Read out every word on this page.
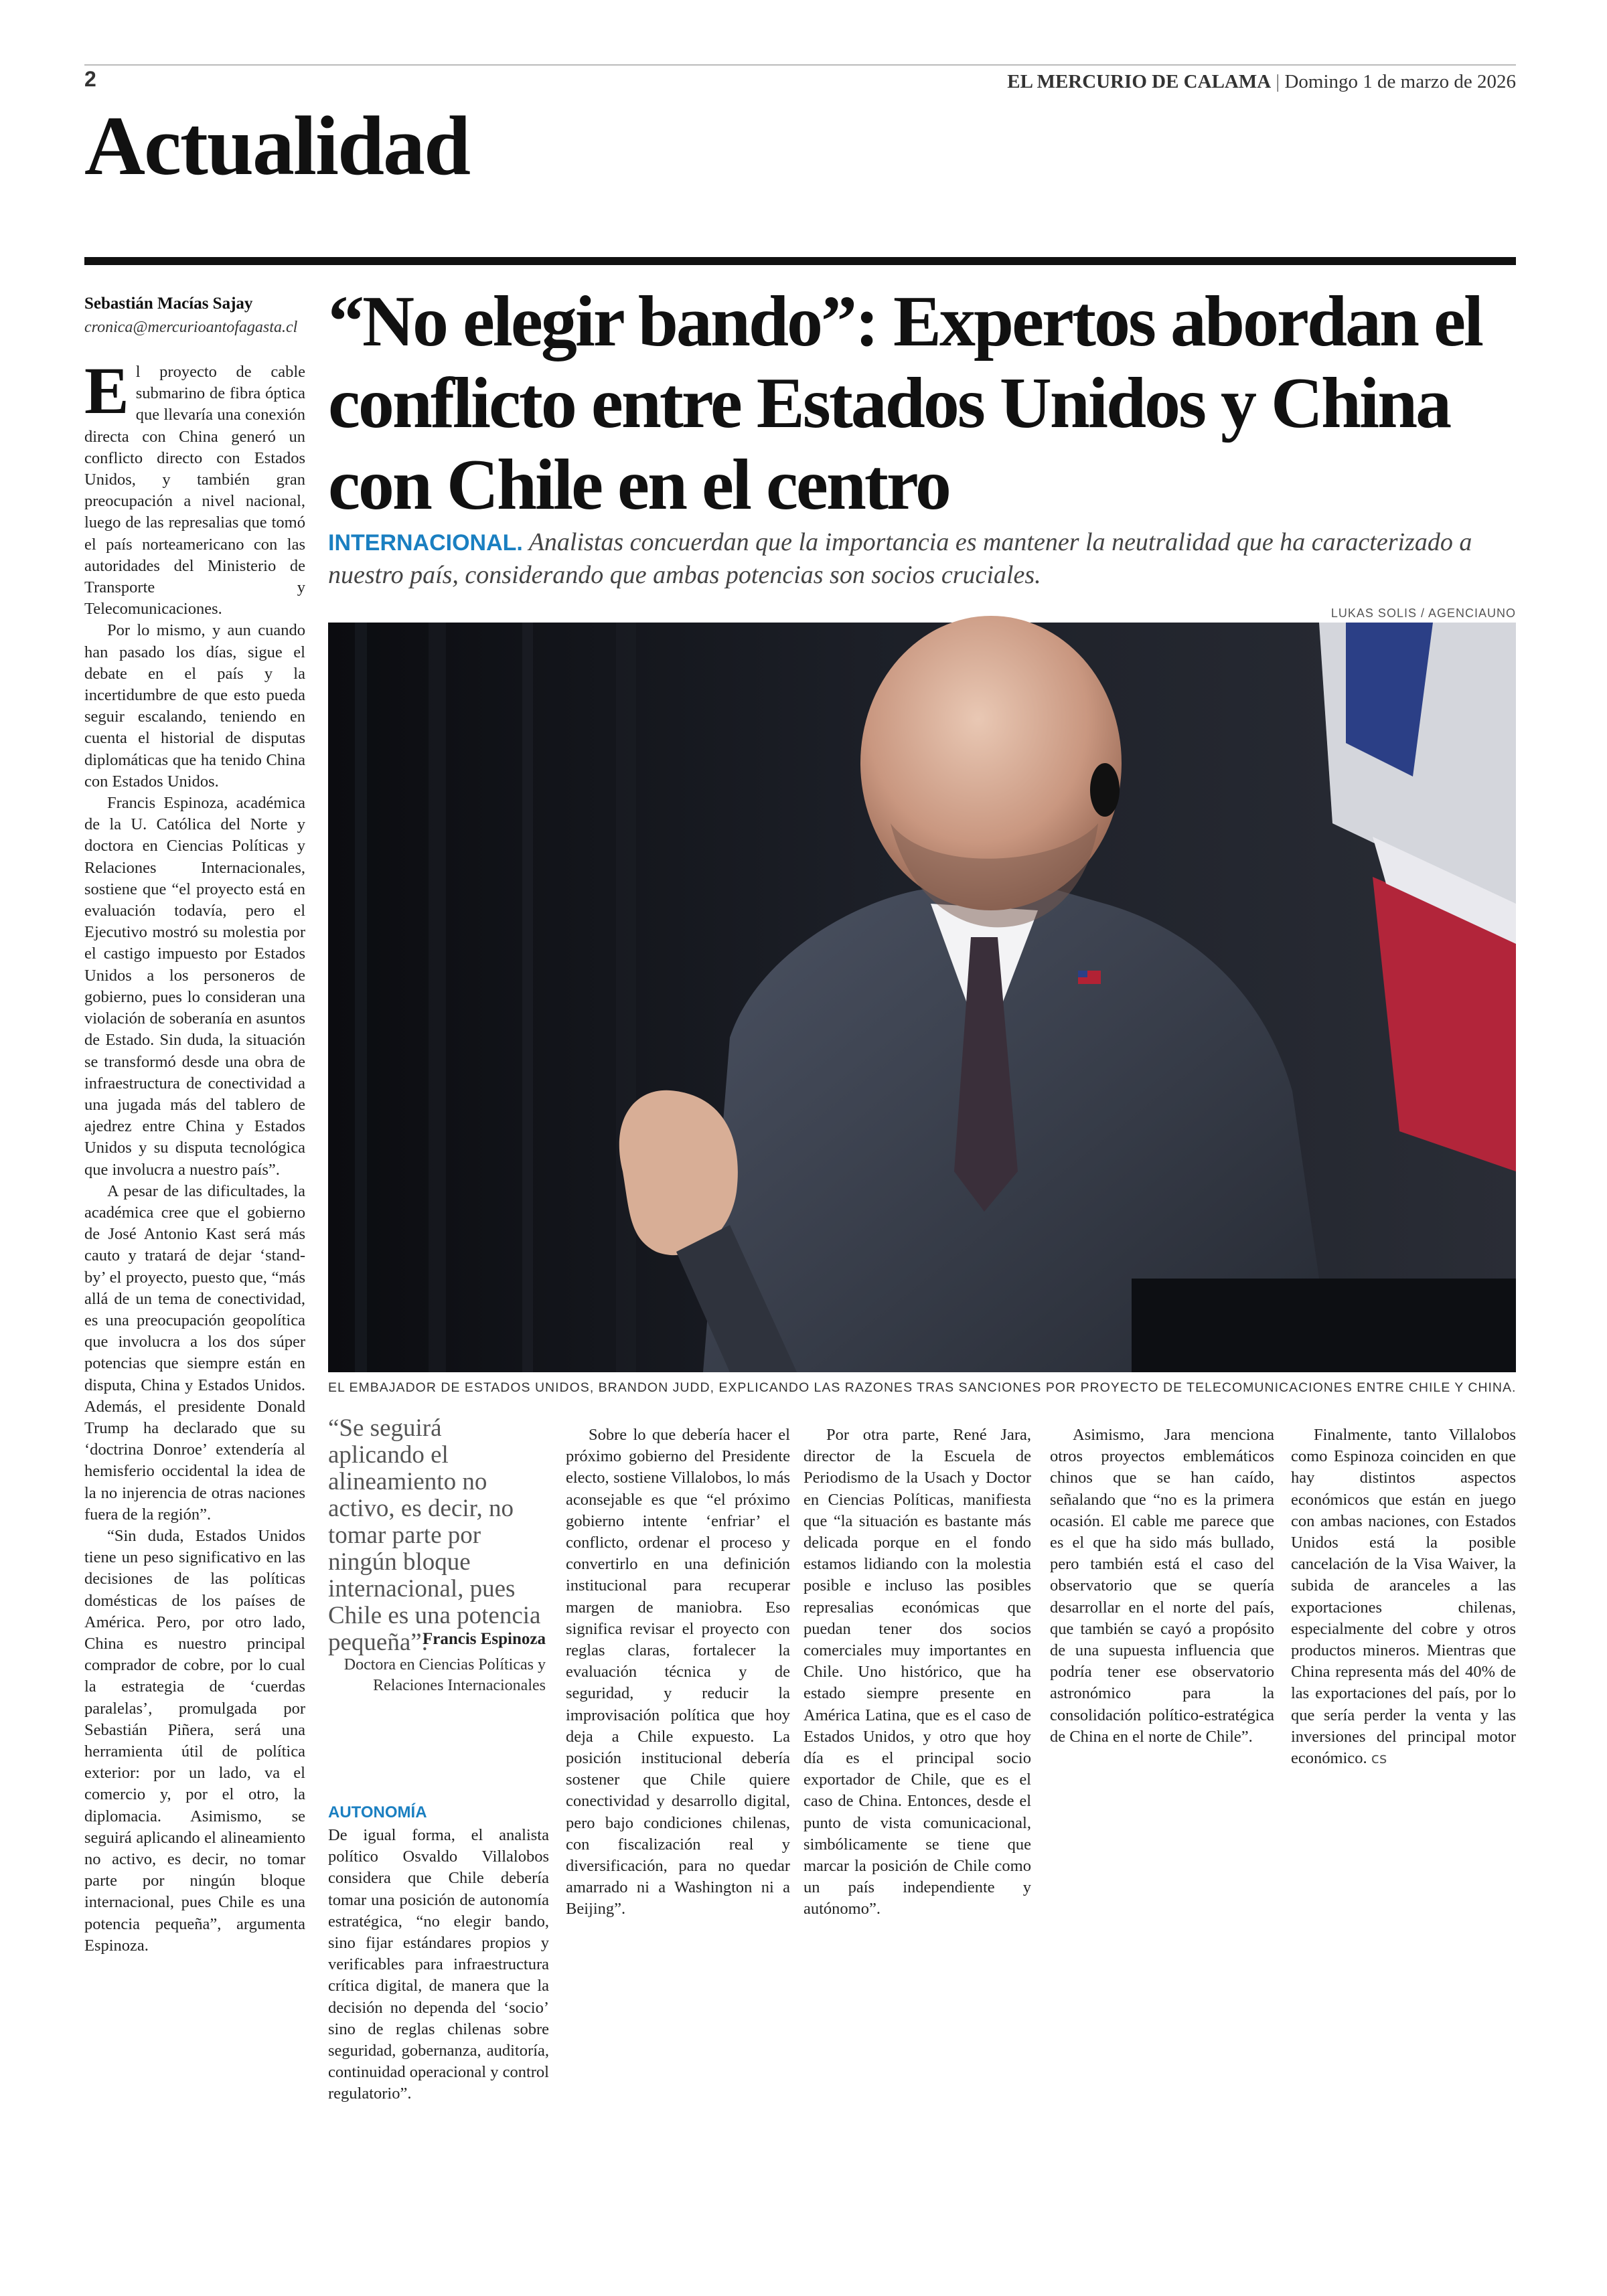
2	EL MERCURIO DE CALAMA | Domingo 1 de marzo de 2026
Actualidad
Sebastián Macías Sajay
cronica@mercurioantofagasta.cl

El proyecto de cable submarino de fibra óptica que llevaría una conexión directa con China generó un conflicto directo con Estados Unidos, y también gran preocupación a nivel nacional, luego de las represalias que tomó el país norteamericano con las autoridades del Ministerio de Transporte y Telecomunicaciones.

Por lo mismo, y aun cuando han pasado los días, sigue el debate en el país y la incertidumbre de que esto pueda seguir escalando, teniendo en cuenta el historial de disputas diplomáticas que ha tenido China con Estados Unidos.

Francis Espinoza, académica de la U. Católica del Norte y doctora en Ciencias Políticas y Relaciones Internacionales, sostiene que “el proyecto está en evaluación todavía, pero el Ejecutivo mostró su molestia por el castigo impuesto por Estados Unidos a los personeros de gobierno, pues lo consideran una violación de soberanía en asuntos de Estado. Sin duda, la situación se transformó desde una obra de infraestructura de conectividad a una jugada más del tablero de ajedrez entre China y Estados Unidos y su disputa tecnológica que involucra a nuestro país”.

A pesar de las dificultades, la académica cree que el gobierno de José Antonio Kast será más cauto y tratará de dejar ‘stand-by’ el proyecto, puesto que, “más allá de un tema de conectividad, es una preocupación geopolítica que involucra a los dos súper potencias que siempre están en disputa, China y Estados Unidos. Además, el presidente Donald Trump ha declarado que su ‘doctrina Donroe’ extendería al hemisferio occidental la idea de la no injerencia de otras naciones fuera de la región”.

“Sin duda, Estados Unidos tiene un peso significativo en las decisiones de las políticas domésticas de los países de América. Pero, por otro lado, China es nuestro principal comprador de cobre, por lo cual la estrategia de ‘cuerdas paralelas’, promulgada por Sebastián Piñera, será una herramienta útil de política exterior: por un lado, va el comercio y, por el otro, la diplomacia. Asimismo, se seguirá aplicando el alineamiento no activo, es decir, no tomar parte por ningún bloque internacional, pues Chile es una potencia pequeña”, argumenta Espinoza.

“No elegir bando”: Expertos abordan el conflicto entre Estados Unidos y China con Chile en el centro
INTERNACIONAL. Analistas concuerdan que la importancia es mantener la neutralidad que ha caracterizado a nuestro país, considerando que ambas potencias son socios cruciales.
LUKAS SOLIS / AGENCIAUNO
EL EMBAJADOR DE ESTADOS UNIDOS, BRANDON JUDD, EXPLICANDO LAS RAZONES TRAS SANCIONES POR PROYECTO DE TELECOMUNICACIONES ENTRE CHILE Y CHINA.
“Se seguirá aplicando el alineamiento no activo, es decir, no tomar parte por ningún bloque internacional, pues Chile es una potencia pequeña”.
Francis Espinoza
Doctora en Ciencias Políticas y Relaciones Internacionales
AUTONOMÍA

De igual forma, el analista político Osvaldo Villalobos considera que Chile debería tomar una posición de autonomía estratégica, “no elegir bando, sino fijar estándares propios y verificables para infraestructura crítica digital, de manera que la decisión no dependa del ‘socio’ sino de reglas chilenas sobre seguridad, gobernanza, auditoría, continuidad operacional y control regulatorio”.

Sobre lo que debería hacer el próximo gobierno del Presidente electo, sostiene Villalobos, lo más aconsejable es que “el próximo gobierno intente ‘enfriar’ el conflicto, ordenar el proceso y convertirlo en una definición institucional para recuperar margen de maniobra. Eso significa revisar el proyecto con reglas claras, fortalecer la evaluación técnica y de seguridad, y reducir la improvisación política que hoy deja a Chile expuesto. La posición institucional debería sostener que Chile quiere conectividad y desarrollo digital, pero bajo condiciones chilenas, con fiscalización real y diversificación, para no quedar amarrado ni a Washington ni a Beijing”.

Por otra parte, René Jara, director de la Escuela de Periodismo de la Usach y Doctor en Ciencias Políticas, manifiesta que “la situación es bastante más delicada porque en el fondo estamos lidiando con la molestia posible e incluso las posibles represalias económicas que puedan tener dos socios comerciales muy importantes en Chile. Uno histórico, que ha estado siempre presente en América Latina, que es el caso de Estados Unidos, y otro que hoy día es el principal socio exportador de Chile, que es el caso de China. Entonces, desde el punto de vista comunicacional, simbólicamente se tiene que marcar la posición de Chile como un país independiente y autónomo”.

Asimismo, Jara menciona otros proyectos emblemáticos chinos que se han caído, señalando que “no es la primera ocasión. El cable me parece que es el que ha sido más bullado, pero también está el caso del observatorio que se quería desarrollar en el norte del país, que también se cayó a propósito de una supuesta influencia que podría tener ese observatorio astronómico para la consolidación político-estratégica de China en el norte de Chile”.

Finalmente, tanto Villalobos como Espinoza coinciden en que hay distintos aspectos económicos que están en juego con ambas naciones, con Estados Unidos está la posible cancelación de la Visa Waiver, la subida de aranceles a las exportaciones chilenas, especialmente del cobre y otros productos mineros. Mientras que China representa más del 40% de las exportaciones del país, por lo que sería perder la venta y las inversiones del principal motor económico. cs
